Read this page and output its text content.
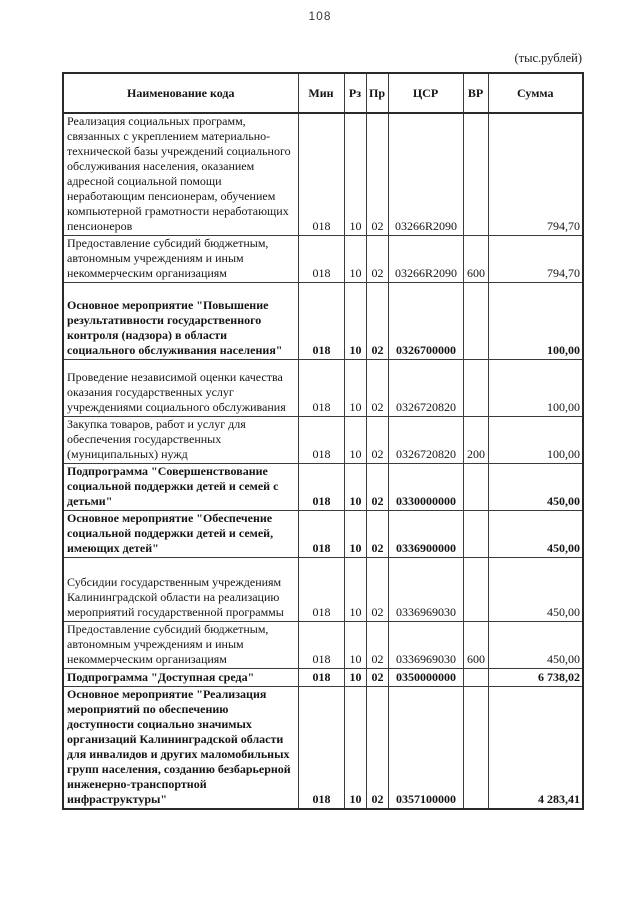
108
(тыс.рублей)
Наименование кода	Мин	Рз	Пр	ЦСР	ВР	Сумма
Реализация социальных программ, связанных с укреплением материально-технической базы учреждений социального обслуживания населения, оказанием адресной социальной помощи неработающим пенсионерам, обучением компьютерной грамотности неработающих пенсионеров	018	10	02	03266R2090		794,70
Предоставление субсидий бюджетным, автономным учреждениям и иным некоммерческим организациям	018	10	02	03266R2090	600	794,70
Основное мероприятие "Повышение результативности государственного контроля (надзора) в области социального обслуживания населения"	018	10	02	0326700000		100,00
Проведение независимой оценки качества оказания государственных услуг учреждениями социального обслуживания	018	10	02	0326720820		100,00
Закупка товаров, работ и услуг для обеспечения государственных (муниципальных) нужд	018	10	02	0326720820	200	100,00
Подпрограмма "Совершенствование социальной поддержки детей и семей с детьми"	018	10	02	0330000000		450,00
Основное мероприятие "Обеспечение социальной поддержки детей и семей, имеющих детей"	018	10	02	0336900000		450,00
Субсидии государственным учреждениям Калининградской области на реализацию мероприятий государственной программы	018	10	02	0336969030		450,00
Предоставление субсидий бюджетным, автономным учреждениям и иным некоммерческим организациям	018	10	02	0336969030	600	450,00
Подпрограмма "Доступная среда"	018	10	02	0350000000		6 738,02
Основное мероприятие "Реализация мероприятий по обеспечению доступности социально значимых организаций Калининградской области для инвалидов и других маломобильных групп населения, созданию безбарьерной инженерно-транспортной инфраструктуры"	018	10	02	0357100000		4 283,41
